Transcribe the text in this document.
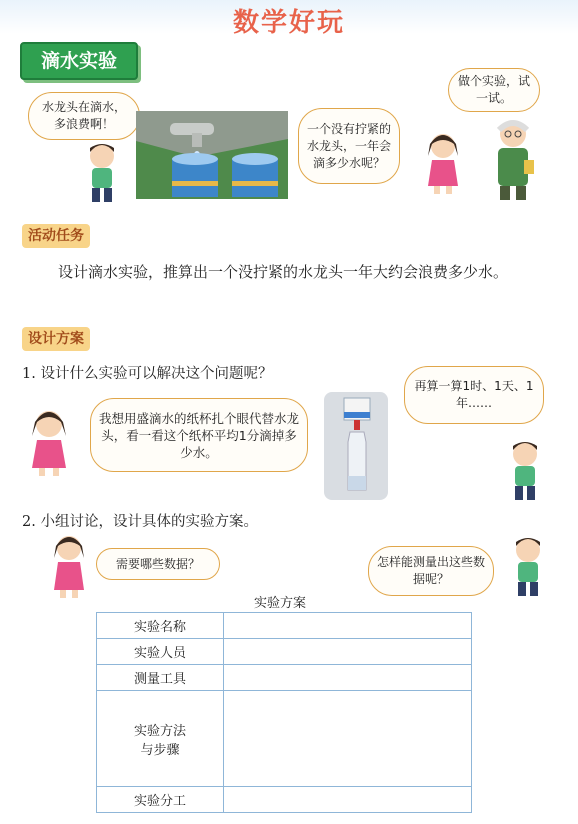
数学好玩
滴水实验
水龙头在滴水，多浪费啊！	一个没有拧紧的水龙头，一年会滴多少水呢？
做个实验，试一试。
活动任务
设计滴水实验，推算出一个没拧紧的水龙头一年大约会浪费多少水。
设计方案
1. 设计什么实验可以解决这个问题呢？
我想用盛滴水的纸杯扎个眼代替水龙头，看一看这个纸杯平均1分滴掉多少水。
再算一算1时、1天、1年……
2. 小组讨论，设计具体的实验方案。
需要哪些数据？	怎样能测量出这些数据呢？
实验方案
实验名称	
实验人员	
测量工具	

实验方法
与步骤	

实验分工	
